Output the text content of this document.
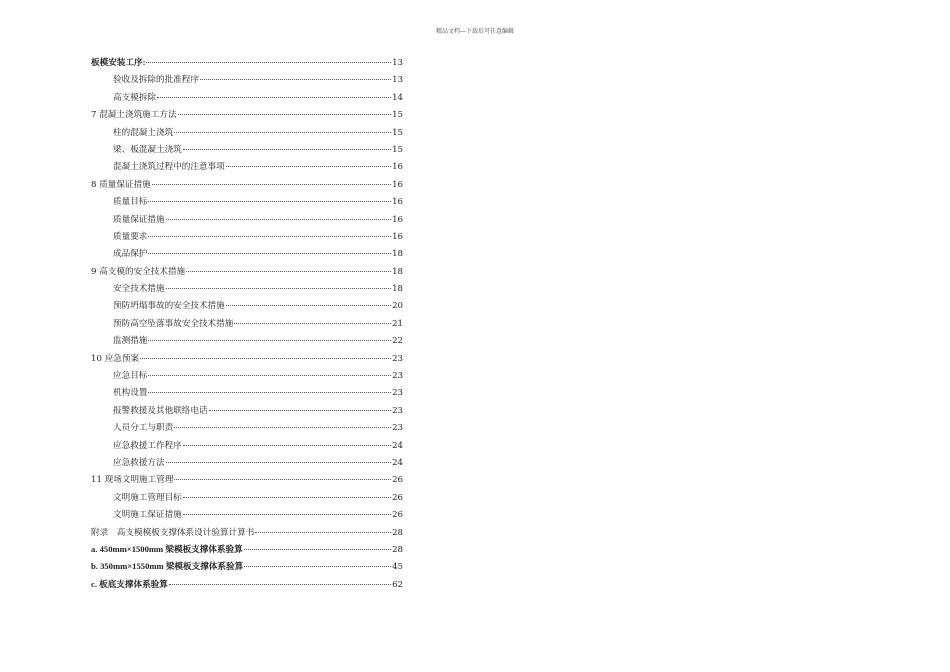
精品文档---下载后可任意编辑
板模安装工序:	13
验收及拆除的批准程序	13
高支模拆除	14
7 混凝土浇筑施工方法	15
柱的混凝土浇筑	15
梁、板混凝土浇筑	15
混凝土浇筑过程中的注意事项	16
8 质量保证措施	16
质量目标	16
质量保证措施	16
质量要求	16
成品保护	18
9 高支模的安全技术措施	18
安全技术措施	18
预防坍塌事故的安全技术措施	20
预防高空坠落事故安全技术措施	21
监测措施	22
10 应急预案	23
应急目标	23
机构设置	23
报警救援及其他联络电话	23
人员分工与职责	23
应急救援工作程序	24
应急救援方法	24
11 现场文明施工管理	26
文明施工管理目标	26
文明施工保证措施	26
附录　高支模模板支撑体系设计验算计算书	28
a. 450mm×1500mm 梁模板支撑体系验算	28
b. 350mm×1550mm 梁模板支撑体系验算	45
c. 板底支撑体系验算	62
